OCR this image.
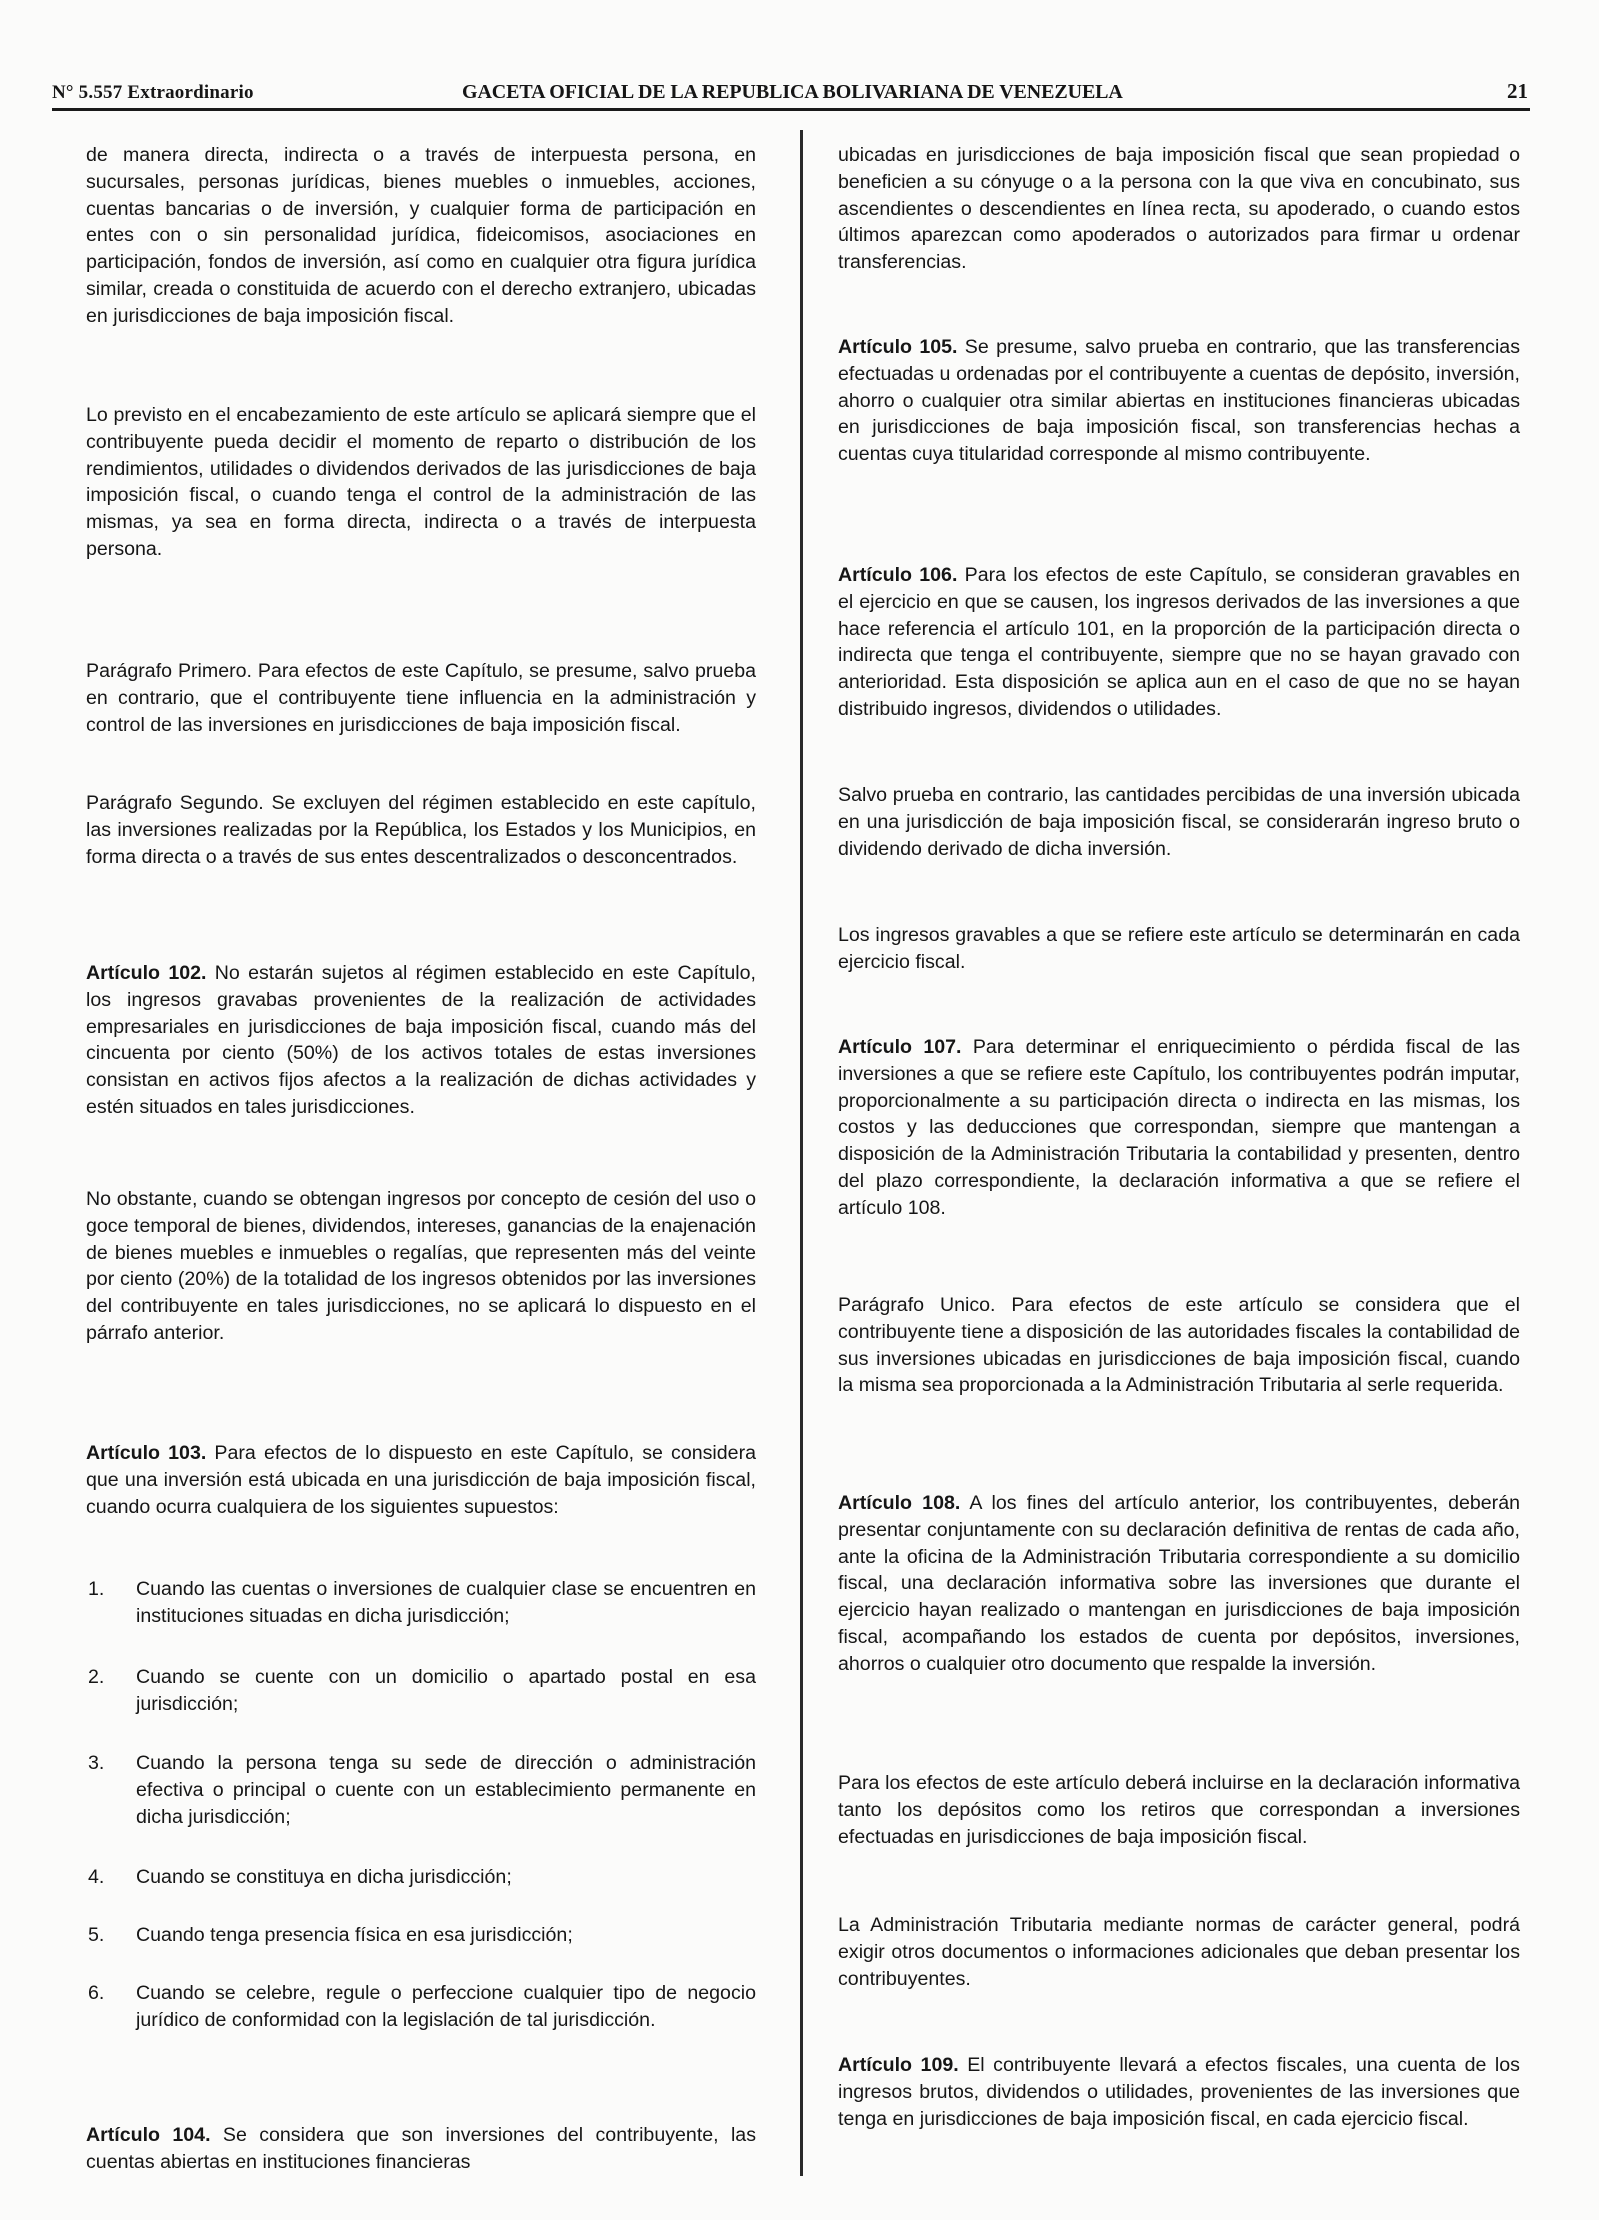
N° 5.557 Extraordinario	GACETA OFICIAL DE LA REPUBLICA BOLIVARIANA DE VENEZUELA	21

de manera directa, indirecta o a través de interpuesta persona, en sucursales, personas jurídicas, bienes muebles o inmuebles, acciones, cuentas bancarias o de inversión, y cualquier forma de participación en entes con o sin personalidad jurídica, fideicomisos, asociaciones en participación, fondos de inversión, así como en cualquier otra figura jurídica similar, creada o constituida de acuerdo con el derecho extranjero, ubicadas en jurisdicciones de baja imposición fiscal.

Lo previsto en el encabezamiento de este artículo se aplicará siempre que el contribuyente pueda decidir el momento de reparto o distribución de los rendimientos, utilidades o dividendos derivados de las jurisdicciones de baja imposición fiscal, o cuando tenga el control de la administración de las mismas, ya sea en forma directa, indirecta o a través de interpuesta persona.

Parágrafo Primero. Para efectos de este Capítulo, se presume, salvo prueba en contrario, que el contribuyente tiene influencia en la administración y control de las inversiones en jurisdicciones de baja imposición fiscal.

Parágrafo Segundo. Se excluyen del régimen establecido en este capítulo, las inversiones realizadas por la República, los Estados y los Municipios, en forma directa o a través de sus entes descentralizados o desconcentrados.

Artículo 102. No estarán sujetos al régimen establecido en este Capítulo, los ingresos gravabas provenientes de la realización de actividades empresariales en jurisdicciones de baja imposición fiscal, cuando más del cincuenta por ciento (50%) de los activos totales de estas inversiones consistan en activos fijos afectos a la realización de dichas actividades y estén situados en tales jurisdicciones.

No obstante, cuando se obtengan ingresos por concepto de cesión del uso o goce temporal de bienes, dividendos, intereses, ganancias de la enajenación de bienes muebles e inmuebles o regalías, que representen más del veinte por ciento (20%) de la totalidad de los ingresos obtenidos por las inversiones del contribuyente en tales jurisdicciones, no se aplicará lo dispuesto en el párrafo anterior.

Artículo 103. Para efectos de lo dispuesto en este Capítulo, se considera que una inversión está ubicada en una jurisdicción de baja imposición fiscal, cuando ocurra cualquiera de los siguientes supuestos:

1. Cuando las cuentas o inversiones de cualquier clase se encuentren en instituciones situadas en dicha jurisdicción;
2. Cuando se cuente con un domicilio o apartado postal en esa jurisdicción;
3. Cuando la persona tenga su sede de dirección o administración efectiva o principal o cuente con un establecimiento permanente en dicha jurisdicción;
4. Cuando se constituya en dicha jurisdicción;
5. Cuando tenga presencia física en esa jurisdicción;
6. Cuando se celebre, regule o perfeccione cualquier tipo de negocio jurídico de conformidad con la legislación de tal jurisdicción.

Artículo 104. Se considera que son inversiones del contribuyente, las cuentas abiertas en instituciones financieras

ubicadas en jurisdicciones de baja imposición fiscal que sean propiedad o beneficien a su cónyuge o a la persona con la que viva en concubinato, sus ascendientes o descendientes en línea recta, su apoderado, o cuando estos últimos aparezcan como apoderados o autorizados para firmar u ordenar transferencias.

Artículo 105. Se presume, salvo prueba en contrario, que las transferencias efectuadas u ordenadas por el contribuyente a cuentas de depósito, inversión, ahorro o cualquier otra similar abiertas en instituciones financieras ubicadas en jurisdicciones de baja imposición fiscal, son transferencias hechas a cuentas cuya titularidad corresponde al mismo contribuyente.

Artículo 106. Para los efectos de este Capítulo, se consideran gravables en el ejercicio en que se causen, los ingresos derivados de las inversiones a que hace referencia el artículo 101, en la proporción de la participación directa o indirecta que tenga el contribuyente, siempre que no se hayan gravado con anterioridad. Esta disposición se aplica aun en el caso de que no se hayan distribuido ingresos, dividendos o utilidades.

Salvo prueba en contrario, las cantidades percibidas de una inversión ubicada en una jurisdicción de baja imposición fiscal, se considerarán ingreso bruto o dividendo derivado de dicha inversión.

Los ingresos gravables a que se refiere este artículo se determinarán en cada ejercicio fiscal.

Artículo 107. Para determinar el enriquecimiento o pérdida fiscal de las inversiones a que se refiere este Capítulo, los contribuyentes podrán imputar, proporcionalmente a su participación directa o indirecta en las mismas, los costos y las deducciones que correspondan, siempre que mantengan a disposición de la Administración Tributaria la contabilidad y presenten, dentro del plazo correspondiente, la declaración informativa a que se refiere el artículo 108.

Parágrafo Unico. Para efectos de este artículo se considera que el contribuyente tiene a disposición de las autoridades fiscales la contabilidad de sus inversiones ubicadas en jurisdicciones de baja imposición fiscal, cuando la misma sea proporcionada a la Administración Tributaria al serle requerida.

Artículo 108. A los fines del artículo anterior, los contribuyentes, deberán presentar conjuntamente con su declaración definitiva de rentas de cada año, ante la oficina de la Administración Tributaria correspondiente a su domicilio fiscal, una declaración informativa sobre las inversiones que durante el ejercicio hayan realizado o mantengan en jurisdicciones de baja imposición fiscal, acompañando los estados de cuenta por depósitos, inversiones, ahorros o cualquier otro documento que respalde la inversión.

Para los efectos de este artículo deberá incluirse en la declaración informativa tanto los depósitos como los retiros que correspondan a inversiones efectuadas en jurisdicciones de baja imposición fiscal.

La Administración Tributaria mediante normas de carácter general, podrá exigir otros documentos o informaciones adicionales que deban presentar los contribuyentes.

Artículo 109. El contribuyente llevará a efectos fiscales, una cuenta de los ingresos brutos, dividendos o utilidades, provenientes de las inversiones que tenga en jurisdicciones de baja imposición fiscal, en cada ejercicio fiscal.
